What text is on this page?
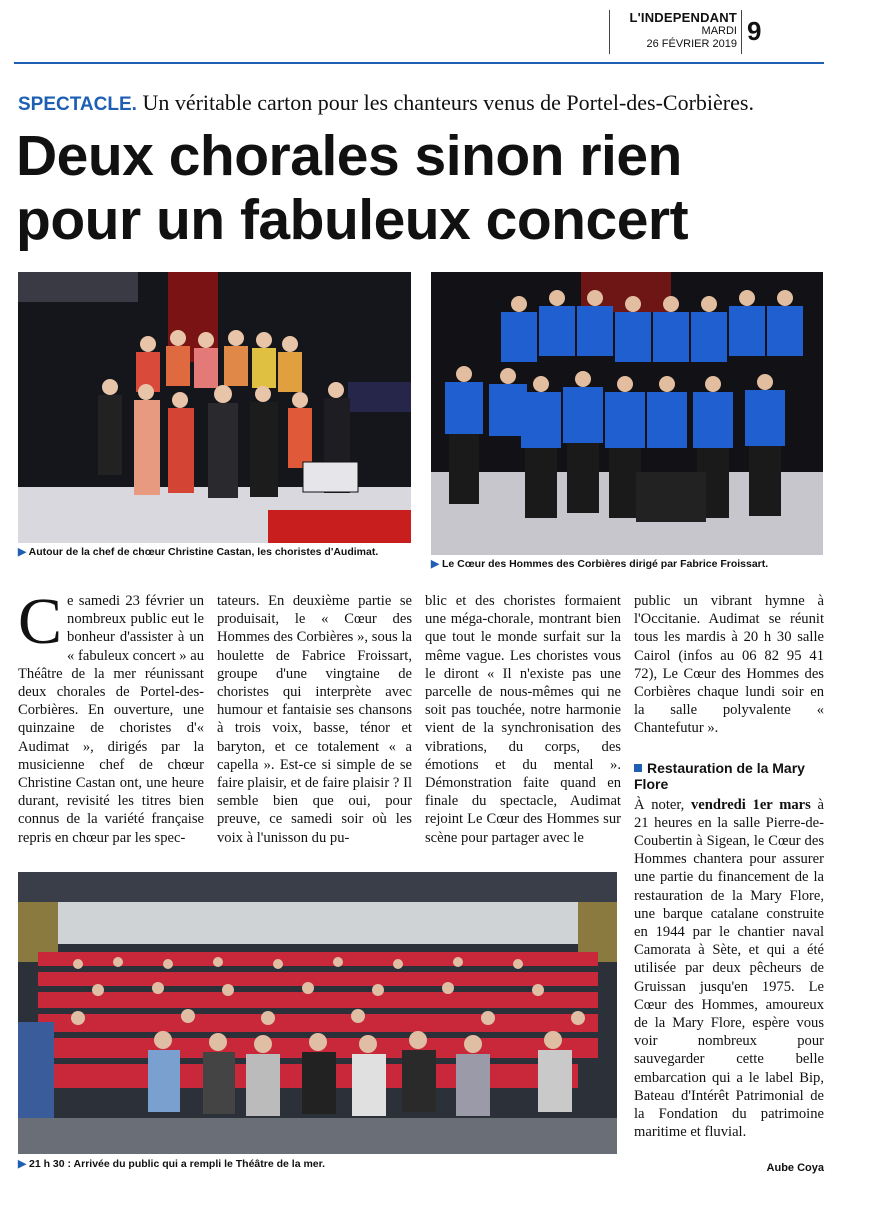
L'INDEPENDANT
MARDI
26 FÉVRIER 2019 9
SPECTACLE. Un véritable carton pour les chanteurs venus de Portel-des-Corbières.
Deux chorales sinon rien
pour un fabuleux concert
▶ Autour de la chef de chœur Christine Castan, les choristes d'Audimat.
▶ Le Cœur des Hommes des Corbières dirigé par Fabrice Froissart.
Ce samedi 23 février un nombreux public eut le bonheur d'assister à un « fabuleux concert » au Théâtre de la mer réunissant deux chorales de Portel-des-Corbières. En ouverture, une quinzaine de choristes d'« Audimat », dirigés par la musicienne chef de chœur Christine Castan ont, une heure durant, revisité les titres bien connus de la variété française repris en chœur par les spec-
tateurs. En deuxième partie se produisait, le « Cœur des Hommes des Corbières », sous la houlette de Fabrice Froissart, groupe d'une vingtaine de choristes qui interprète avec humour et fantaisie ses chansons à trois voix, basse, ténor et baryton, et ce totalement « a capella ». Est-ce si simple de se faire plaisir, et de faire plaisir ? Il semble bien que oui, pour preuve, ce samedi soir où les voix à l'unisson du pu-
blic et des choristes formaient une méga-chorale, montrant bien que tout le monde surfait sur la même vague. Les choristes vous le diront « Il n'existe pas une parcelle de nous-mêmes qui ne soit pas touchée, notre harmonie vient de la synchronisation des vibrations, du corps, des émotions et du mental ». Démonstration faite quand en finale du spectacle, Audimat rejoint Le Cœur des Hommes sur scène pour partager avec le
public un vibrant hymne à l'Occitanie. Audimat se réunit tous les mardis à 20 h 30 salle Cairol (infos au 06 82 95 41 72), Le Cœur des Hommes des Corbières chaque lundi soir en la salle polyvalente « Chantefutur ».
Restauration de la Mary Flore
À noter, vendredi 1er mars à 21 heures en la salle Pierre-de-Coubertin à Sigean, le Cœur des Hommes chantera pour assurer une partie du financement de la restauration de la Mary Flore, une barque catalane construite en 1944 par le chantier naval Camorata à Sète, et qui a été utilisée par deux pêcheurs de Gruissan jusqu'en 1975. Le Cœur des Hommes, amoureux de la Mary Flore, espère vous voir nombreux pour sauvegarder cette belle embarcation qui a le label Bip, Bateau d'Intérêt Patrimonial de la Fondation du patrimoine maritime et fluvial.
▶ 21 h 30 : Arrivée du public qui a rempli le Théâtre de la mer.	Aube Coya
